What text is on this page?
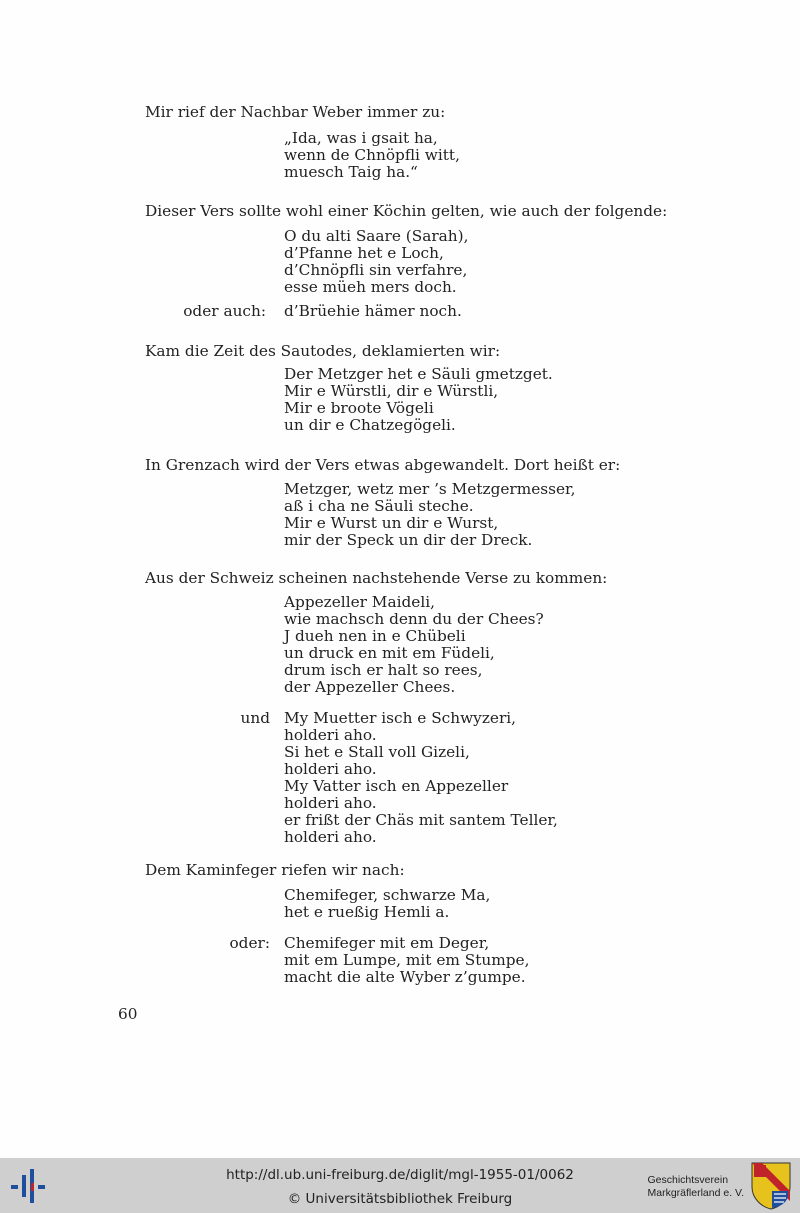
Mir rief der Nachbar Weber immer zu:
„Ida, was i gsait ha,
wenn de Chnöpfli witt,
muesch Taig ha.“
Dieser Vers sollte wohl einer Köchin gelten, wie auch der folgende:
O du alti Saare (Sarah),
d’Pfanne het e Loch,
d’Chnöpfli sin verfahre,
esse müeh mers doch.
oder auch: d’Brüehie hämer noch.
Kam die Zeit des Sautodes, deklamierten wir:
Der Metzger het e Säuli gmetzget.
Mir e Würstli, dir e Würstli,
Mir e broote Vögeli
un dir e Chatzegögeli.
In Grenzach wird der Vers etwas abgewandelt. Dort heißt er:
Metzger, wetz mer ’s Metzgermesser,
aß i cha ne Säuli steche.
Mir e Wurst un dir e Wurst,
mir der Speck un dir der Dreck.
Aus der Schweiz scheinen nachstehende Verse zu kommen:
Appezeller Maideli,
wie machsch denn du der Chees?
J dueh nen in e Chübeli
un druck en mit em Füdeli,
drum isch er halt so rees,
der Appezeller Chees.
und My Muetter isch e Schwyzeri,
holderi aho.
Si het e Stall voll Gizeli,
holderi aho.
My Vatter isch en Appezeller
holderi aho.
er frißt der Chäs mit santem Teller,
holderi aho.
Dem Kaminfeger riefen wir nach:
Chemifeger, schwarze Ma,
het e rueßig Hemli a.
oder: Chemifeger mit em Deger,
mit em Lumpe, mit em Stumpe,
macht die alte Wyber z’gumpe.
60
http://dl.ub.uni-freiburg.de/diglit/mgl-1955-01/0062
© Universitätsbibliothek Freiburg
Geschichtsverein
Markgräflerland e. V.
